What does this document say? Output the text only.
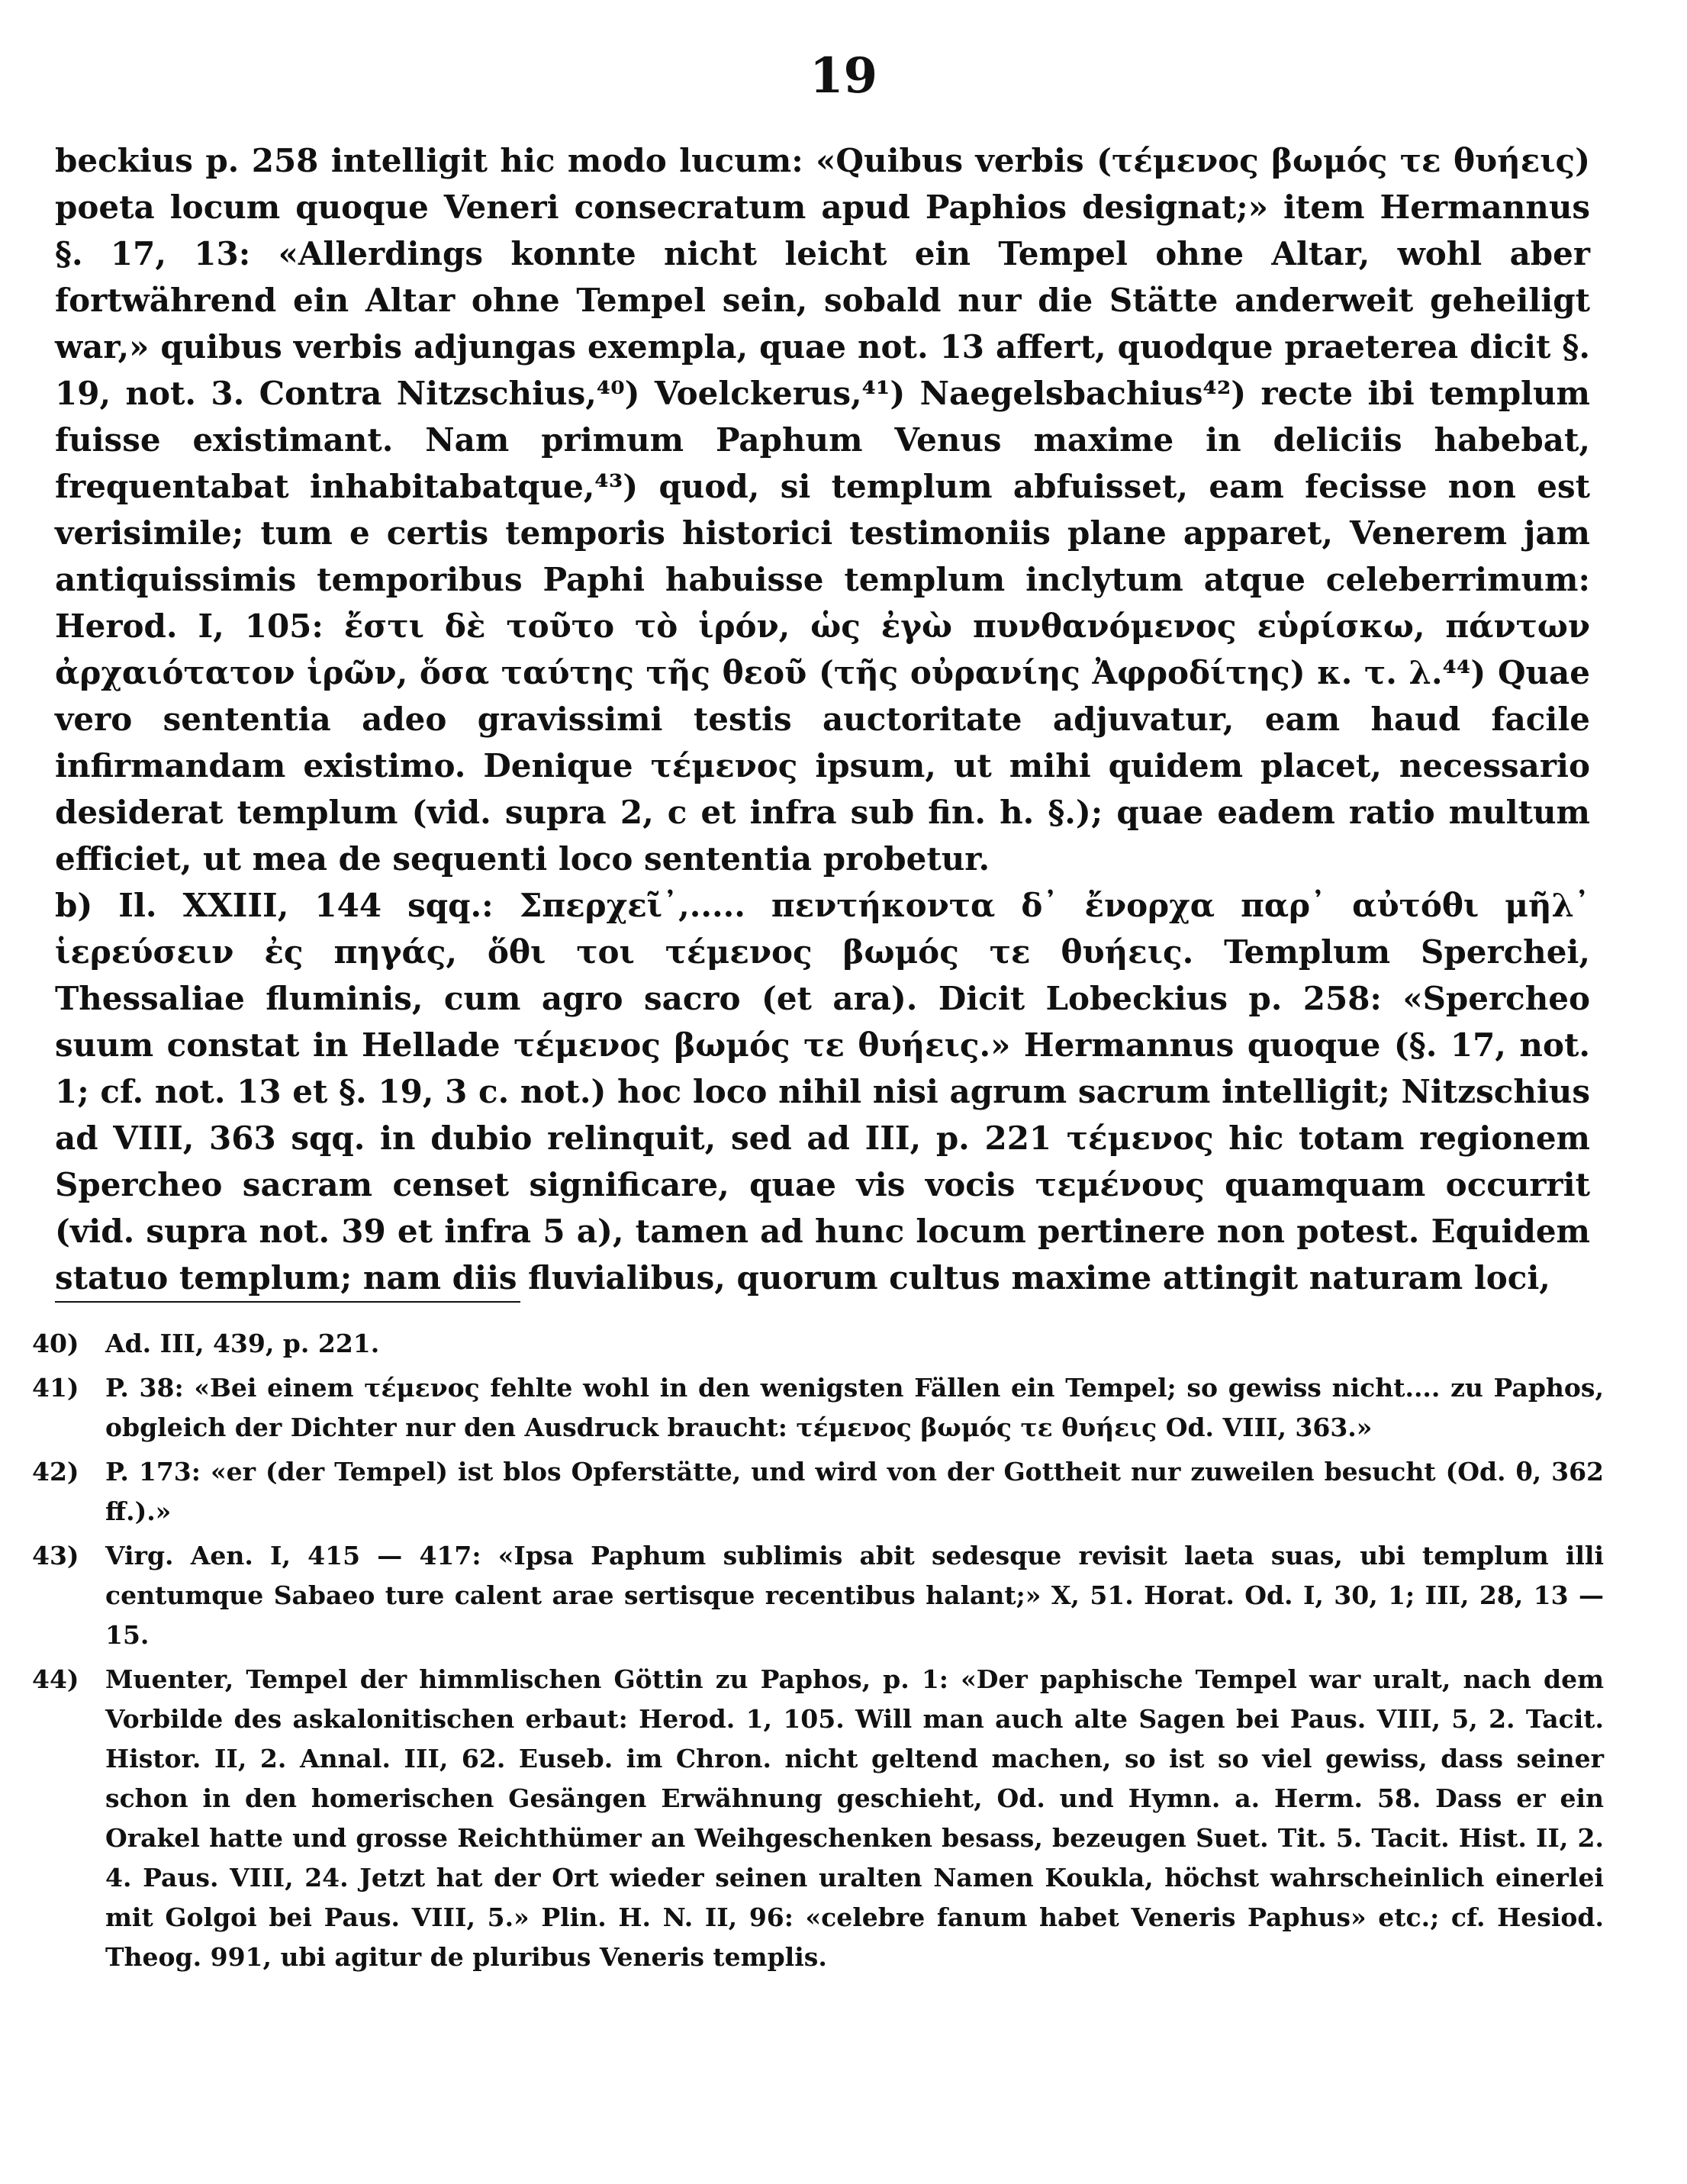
19

beckius p. 258 intelligit hic modo lucum: «Quibus verbis (τέμενος βωμός τε θυήεις) poeta locum quoque Veneri consecratum apud Paphios designat;» item Hermannus §. 17, 13: «Allerdings konnte nicht leicht ein Tempel ohne Altar, wohl aber fortwährend ein Altar ohne Tempel sein, sobald nur die Stätte anderweit geheiligt war,» quibus verbis adjungas exempla, quae not. 13 affert, quodque praeterea dicit §. 19, not. 3. Contra Nitzschius,⁴⁰) Voelckerus,⁴¹) Naegelsbachius⁴²) recte ibi templum fuisse existimant. Nam primum Paphum Venus maxime in deliciis habebat, frequentabat inhabitabatque,⁴³) quod, si templum abfuisset, eam fecisse non est verisimile; tum e certis temporis historici testimoniis plane apparet, Venerem jam antiquissimis temporibus Paphi habuisse templum inclytum atque celeberrimum: Herod. I, 105: ἔστι δὲ τοῦτο τὸ ἱρόν, ὡς ἐγὼ πυνθανόμενος εὑρίσκω, πάντων ἀρχαιότατον ἱρῶν, ὅσα ταύτης τῆς θεοῦ (τῆς οὐρανίης Ἀφροδίτης) κ. τ. λ.⁴⁴) Quae vero sententia adeo gravissimi testis auctoritate adjuvatur, eam haud facile infirmandam existimo. Denique τέμενος ipsum, ut mihi quidem placet, necessario desiderat templum (vid. supra 2, c et infra sub fin. h. §.); quae eadem ratio multum efficiet, ut mea de sequenti loco sententia probetur.

b) Il. XXIII, 144 sqq.: Σπερχεῖ᾽,..... πεντήκοντα δ᾽ ἔνορχα παρ᾽ αὐτόθι μῆλ᾽ ἱερεύσειν ἐς πηγάς, ὅθι τοι τέμενος βωμός τε θυήεις. Templum Sperchei, Thessaliae fluminis, cum agro sacro (et ara). Dicit Lobeckius p. 258: «Spercheo suum constat in Hellade τέμενος βωμός τε θυήεις.» Hermannus quoque (§. 17, not. 1; cf. not. 13 et §. 19, 3 c. not.) hoc loco nihil nisi agrum sacrum intelligit; Nitzschius ad VIII, 363 sqq. in dubio relinquit, sed ad III, p. 221 τέμενος hic totam regionem Spercheo sacram censet significare, quae vis vocis τεμένους quamquam occurrit (vid. supra not. 39 et infra 5 a), tamen ad hunc locum pertinere non potest. Equidem statuo templum; nam diis fluvialibus, quorum cultus maxime attingit naturam loci,

40)	Ad. III, 439, p. 221.
41)	P. 38: «Bei einem τέμενος fehlte wohl in den wenigsten Fällen ein Tempel; so gewiss nicht.... zu Paphos, obgleich der Dichter nur den Ausdruck braucht: τέμενος βωμός τε θυήεις Od. VIII, 363.»
42)	P. 173: «er (der Tempel) ist blos Opferstätte, und wird von der Gottheit nur zuweilen besucht (Od. θ, 362 ff.).»
43)	Virg. Aen. I, 415 — 417: «Ipsa Paphum sublimis abit sedesque revisit laeta suas, ubi templum illi centumque Sabaeo ture calent arae sertisque recentibus halant;» X, 51. Horat. Od. I, 30, 1; III, 28, 13 — 15.
44)	Muenter, Tempel der himmlischen Göttin zu Paphos, p. 1: «Der paphische Tempel war uralt, nach dem Vorbilde des askalonitischen erbaut: Herod. 1, 105. Will man auch alte Sagen bei Paus. VIII, 5, 2. Tacit. Histor. II, 2. Annal. III, 62. Euseb. im Chron. nicht geltend machen, so ist so viel gewiss, dass seiner schon in den homerischen Gesängen Erwähnung geschieht, Od. und Hymn. a. Herm. 58. Dass er ein Orakel hatte und grosse Reichthümer an Weihgeschenken besass, bezeugen Suet. Tit. 5. Tacit. Hist. II, 2. 4. Paus. VIII, 24. Jetzt hat der Ort wieder seinen uralten Namen Koukla, höchst wahrscheinlich einerlei mit Golgoi bei Paus. VIII, 5.» Plin. H. N. II, 96: «celebre fanum habet Veneris Paphus» etc.; cf. Hesiod. Theog. 991, ubi agitur de pluribus Veneris templis.
